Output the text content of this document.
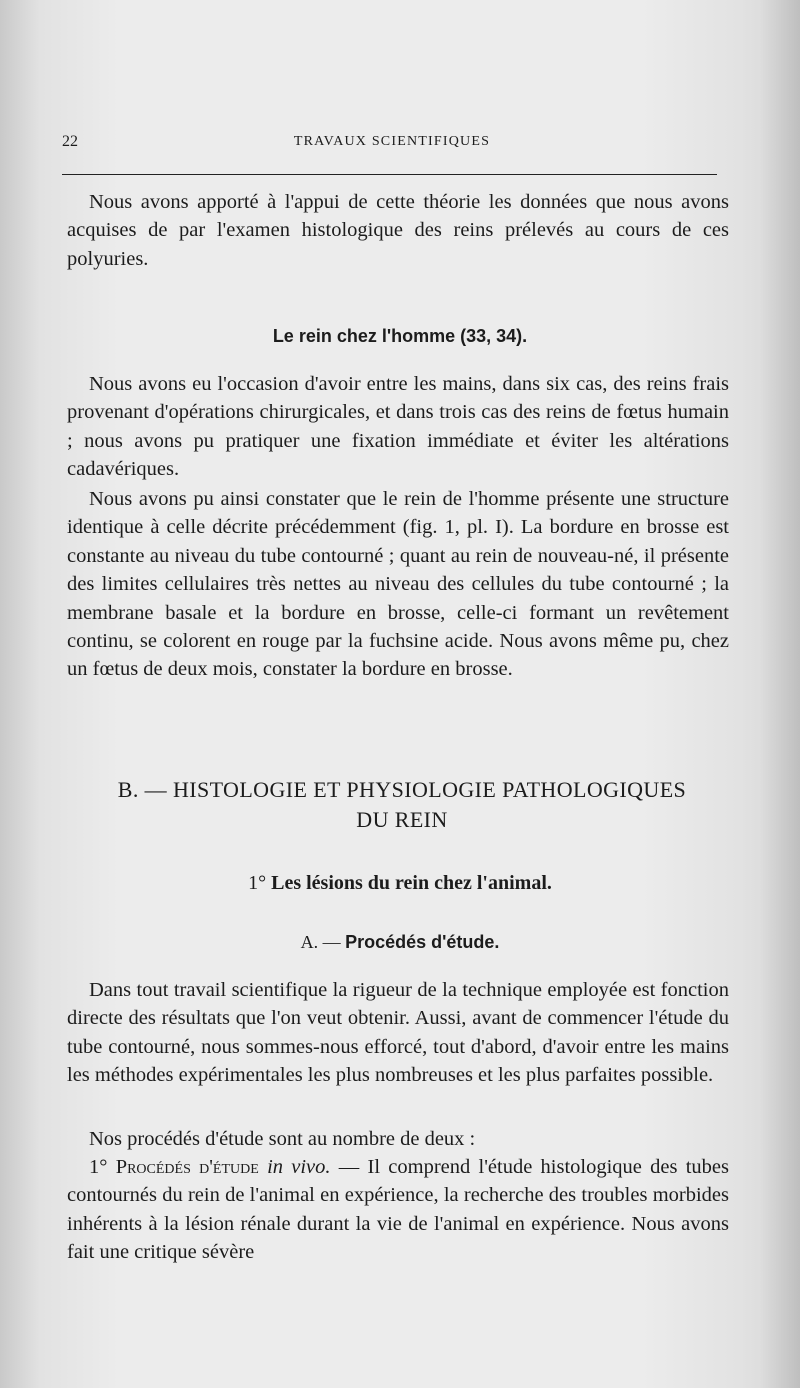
22	TRAVAUX SCIENTIFIQUES

Nous avons apporté à l'appui de cette théorie les données que nous avons acquises de par l'examen histologique des reins prélevés au cours de ces polyuries.

Le rein chez l'homme (33, 34).

Nous avons eu l'occasion d'avoir entre les mains, dans six cas, des reins frais provenant d'opérations chirurgicales, et dans trois cas des reins de fœtus humain ; nous avons pu pratiquer une fixation immédiate et éviter les altérations cadavériques.

Nous avons pu ainsi constater que le rein de l'homme présente une structure identique à celle décrite précédemment (fig. 1, pl. I). La bordure en brosse est constante au niveau du tube contourné ; quant au rein de nouveau-né, il présente des limites cellulaires très nettes au niveau des cellules du tube contourné ; la membrane basale et la bordure en brosse, celle-ci formant un revêtement continu, se colorent en rouge par la fuchsine acide. Nous avons même pu, chez un fœtus de deux mois, constater la bordure en brosse.

B. — HISTOLOGIE ET PHYSIOLOGIE PATHOLOGIQUES
DU REIN
1° Les lésions du rein chez l'animal.
A. — Procédés d'étude.

Dans tout travail scientifique la rigueur de la technique employée est fonction directe des résultats que l'on veut obtenir. Aussi, avant de commencer l'étude du tube contourné, nous sommes-nous efforcé, tout d'abord, d'avoir entre les mains les méthodes expérimentales les plus nombreuses et les plus parfaites possible.

Nos procédés d'étude sont au nombre de deux :

1° Procédés d'étude in vivo. — Il comprend l'étude histologique des tubes contournés du rein de l'animal en expérience, la recherche des troubles morbides inhérents à la lésion rénale durant la vie de l'animal en expérience. Nous avons fait une critique sévère
